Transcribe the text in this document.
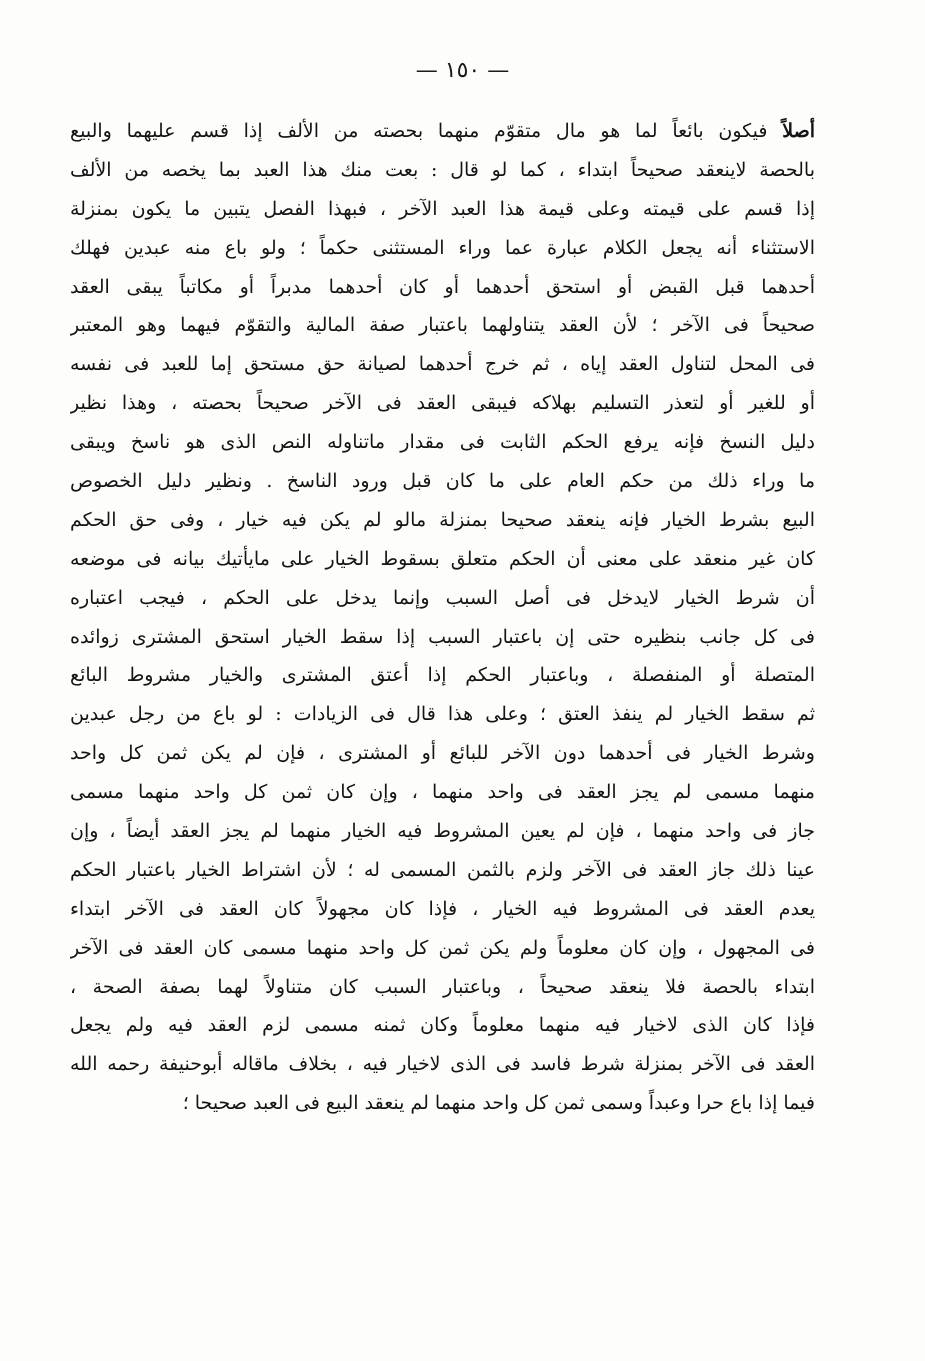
— ١٥٠ —
أصلاً فيكون بائعاً لما هو مال متقوّم منهما بحصته من الألف إذا قسم عليهما والبيع
بالحصة لاينعقد صحيحاً ابتداء ، كما لو قال : بعت منك هذا العبد بما يخصه من الألف
إذا قسم على قيمته وعلى قيمة هذا العبد الآخر ، فبهذا الفصل يتبين ما يكون بمنزلة
الاستثناء أنه يجعل الكلام عبارة عما وراء المستثنى حكماً ؛ ولو باع منه عبدين فهلك
أحدهما قبل القبض أو استحق أحدهما أو كان أحدهما مدبراً أو مكاتباً يبقى العقد
صحيحاً فى الآخر ؛ لأن العقد يتناولهما باعتبار صفة المالية والتقوّم فيهما وهو المعتبر
فى المحل لتناول العقد إياه ، ثم خرج أحدهما لصيانة حق مستحق إما للعبد فى نفسه
أو للغير أو لتعذر التسليم بهلاكه فيبقى العقد فى الآخر صحيحاً بحصته ، وهذا نظير
دليل النسخ فإنه يرفع الحكم الثابت فى مقدار ماتناوله النص الذى هو ناسخ ويبقى
ما وراء ذلك من حكم العام على ما كان قبل ورود الناسخ . ونظير دليل الخصوص
البيع بشرط الخيار فإنه ينعقد صحيحا بمنزلة مالو لم يكن فيه خيار ، وفى حق الحكم
كان غير منعقد على معنى أن الحكم متعلق بسقوط الخيار على مايأتيك بيانه فى موضعه
أن شرط الخيار لايدخل فى أصل السبب وإنما يدخل على الحكم ، فيجب اعتباره
فى كل جانب بنظيره حتى إن باعتبار السبب إذا سقط الخيار استحق المشترى زوائده
المتصلة أو المنفصلة ، وباعتبار الحكم إذا أعتق المشترى والخيار مشروط البائع
ثم سقط الخيار لم ينفذ العتق ؛ وعلى هذا قال فى الزيادات : لو باع من رجل عبدين
وشرط الخيار فى أحدهما دون الآخر للبائع أو المشترى ، فإن لم يكن ثمن كل واحد
منهما مسمى لم يجز العقد فى واحد منهما ، وإن كان ثمن كل واحد منهما مسمى
جاز فى واحد منهما ، فإن لم يعين المشروط فيه الخيار منهما لم يجز العقد أيضاً ، وإن
عينا ذلك جاز العقد فى الآخر ولزم بالثمن المسمى له ؛ لأن اشتراط الخيار باعتبار الحكم
يعدم العقد فى المشروط فيه الخيار ، فإذا كان مجهولاً كان العقد فى الآخر ابتداء
فى المجهول ، وإن كان معلوماً ولم يكن ثمن كل واحد منهما مسمى كان العقد فى الآخر
ابتداء بالحصة فلا ينعقد صحيحاً ، وباعتبار السبب كان متناولاً لهما بصفة الصحة ،
فإذا كان الذى لاخيار فيه منهما معلوماً وكان ثمنه مسمى لزم العقد فيه ولم يجعل
العقد فى الآخر بمنزلة شرط فاسد فى الذى لاخيار فيه ، بخلاف ماقاله أبوحنيفة رحمه الله
فيما إذا باع حرا وعبداً وسمى ثمن كل واحد منهما لم ينعقد البيع فى العبد صحيحا ؛
